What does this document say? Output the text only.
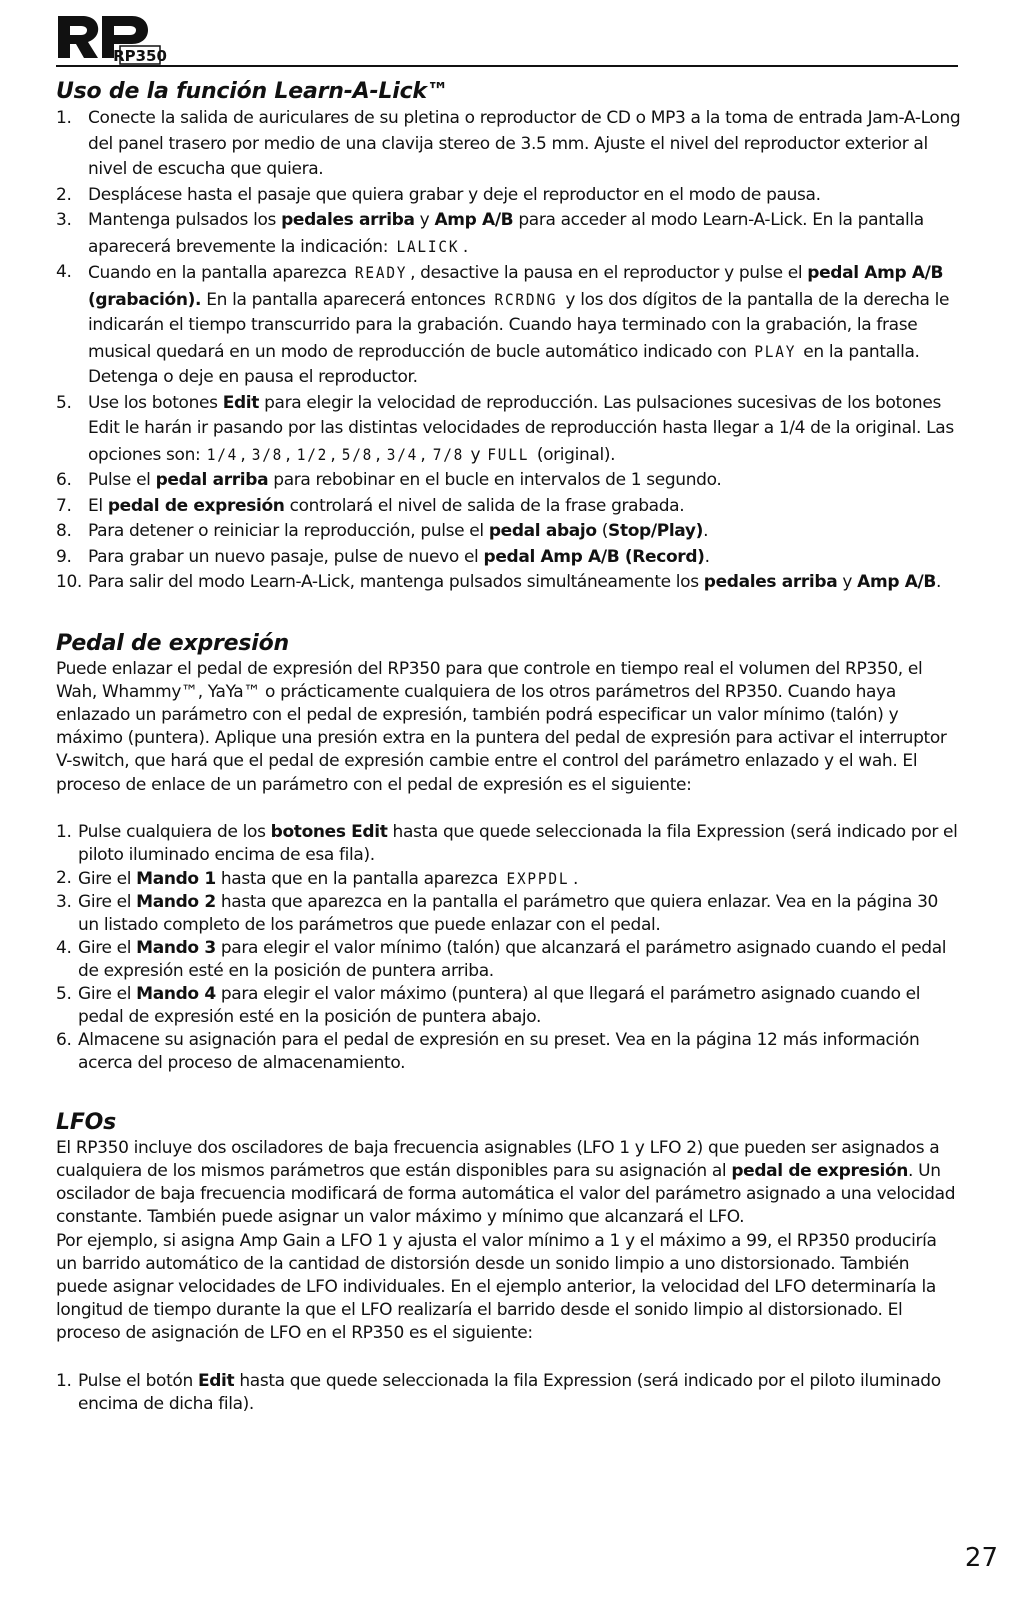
RP350
Uso de la función Learn-A-Lick™
1. Conecte la salida de auriculares de su pletina o reproductor de CD o MP3 a la toma de entrada Jam-A-Long del panel trasero por medio de una clavija stereo de 3.5 mm. Ajuste el nivel del reproductor exterior al nivel de escucha que quiera.
2. Desplácese hasta el pasaje que quiera grabar y deje el reproductor en el modo de pausa.
3. Mantenga pulsados los pedales arriba y Amp A/B para acceder al modo Learn-A-Lick. En la pantalla aparecerá brevemente la indicación: LALICK .
4. Cuando en la pantalla aparezca READY , desactive la pausa en el reproductor y pulse el pedal Amp A/B (grabación). En la pantalla aparecerá entonces RCRDNG y los dos dígitos de la pantalla de la derecha le indicarán el tiempo transcurrido para la grabación. Cuando haya terminado con la grabación, la frase musical quedará en un modo de reproducción de bucle automático indicado con PLAY en la pantalla. Detenga o deje en pausa el reproductor.
5. Use los botones Edit para elegir la velocidad de reproducción. Las pulsaciones sucesivas de los botones Edit le harán ir pasando por las distintas velocidades de reproducción hasta llegar a 1/4 de la original. Las opciones son: 1/4 , 3/8 , 1/2 , 5/8 , 3/4 , 7/8 y FULL (original).
6. Pulse el pedal arriba para rebobinar en el bucle en intervalos de 1 segundo.
7. El pedal de expresión controlará el nivel de salida de la frase grabada.
8. Para detener o reiniciar la reproducción, pulse el pedal abajo (Stop/Play).
9. Para grabar un nuevo pasaje, pulse de nuevo el pedal Amp A/B (Record).
10. Para salir del modo Learn-A-Lick, mantenga pulsados simultáneamente los pedales arriba y Amp A/B.
Pedal de expresión

Puede enlazar el pedal de expresión del RP350 para que controle en tiempo real el volumen del RP350, el Wah, Whammy™, YaYa™ o prácticamente cualquiera de los otros parámetros del RP350. Cuando haya enlazado un parámetro con el pedal de expresión, también podrá especificar un valor mínimo (talón) y máximo (puntera). Aplique una presión extra en la puntera del pedal de expresión para activar el interruptor V-switch, que hará que el pedal de expresión cambie entre el control del parámetro enlazado y el wah. El proceso de enlace de un parámetro con el pedal de expresión es el siguiente:

1. Pulse cualquiera de los botones Edit hasta que quede seleccionada la fila Expression (será indicado por el piloto iluminado encima de esa fila).
2. Gire el Mando 1 hasta que en la pantalla aparezca EXPPDL .
3. Gire el Mando 2 hasta que aparezca en la pantalla el parámetro que quiera enlazar. Vea en la página 30 un listado completo de los parámetros que puede enlazar con el pedal.
4. Gire el Mando 3 para elegir el valor mínimo (talón) que alcanzará el parámetro asignado cuando el pedal de expresión esté en la posición de puntera arriba.
5. Gire el Mando 4 para elegir el valor máximo (puntera) al que llegará el parámetro asignado cuando el pedal de expresión esté en la posición de puntera abajo.
6. Almacene su asignación para el pedal de expresión en su preset. Vea en la página 12 más información acerca del proceso de almacenamiento.
LFOs

El RP350 incluye dos osciladores de baja frecuencia asignables (LFO 1 y LFO 2) que pueden ser asignados a cualquiera de los mismos parámetros que están disponibles para su asignación al pedal de expresión. Un oscilador de baja frecuencia modificará de forma automática el valor del parámetro asignado a una velocidad constante. También puede asignar un valor máximo y mínimo que alcanzará el LFO.

Por ejemplo, si asigna Amp Gain a LFO 1 y ajusta el valor mínimo a 1 y el máximo a 99, el RP350 produciría un barrido automático de la cantidad de distorsión desde un sonido limpio a uno distorsionado. También puede asignar velocidades de LFO individuales. En el ejemplo anterior, la velocidad del LFO determinaría la longitud de tiempo durante la que el LFO realizaría el barrido desde el sonido limpio al distorsionado. El proceso de asignación de LFO en el RP350 es el siguiente:

1. Pulse el botón Edit hasta que quede seleccionada la fila Expression (será indicado por el piloto iluminado encima de dicha fila).
27
